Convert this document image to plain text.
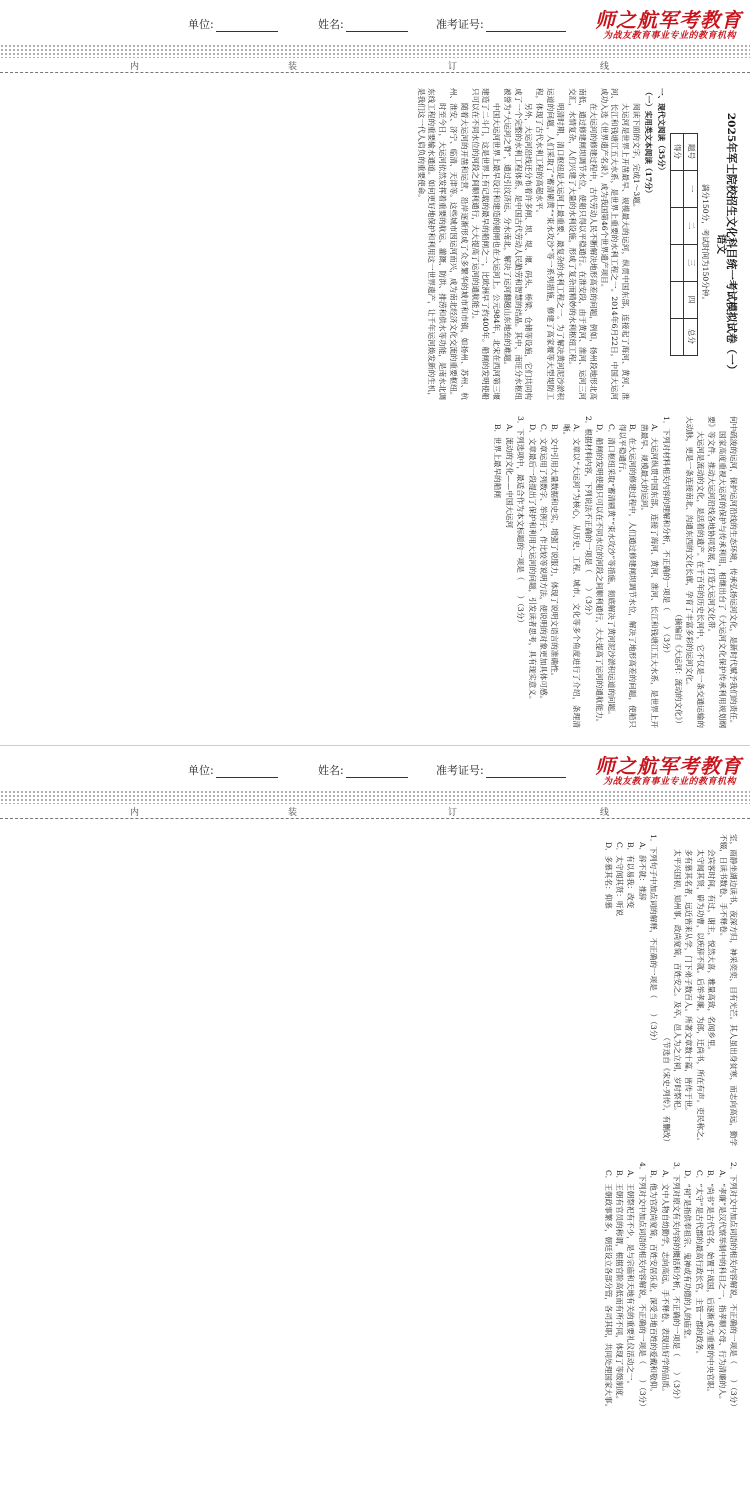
单位:	姓名:	准考证号:	师之航军考教育
为战友教育事业专业的教育机构
内	装	订	线
2025年军士院校招生文化科目统一考试模拟试卷（一）
语文
满分150分，考试时间为150分钟。
题号	一	二	三	四	总分
得分					
一、现代文阅读（35分）
（一）实用类文本阅读（17分）

阅读下面的文字，完成1～3题。

大运河是世界上开凿最早、规模最大的运河，纵贯中国东部，连接起了海河、黄河、淮河、长江和钱塘江五大水系，是世界上重要的水利工程之一。2014年6月22日，中国大运河成功入选《世界遗产名录》，成为我国第46个世界遗产项目。

在大运河的修建过程中，古代劳动人民不断解决地形高差的问题，例如，扬州段地形北高南低，通过修建闸坝调节水位，使船只得以平稳通行。在淮安段，由于黄河、淮河、运河三河交汇，水情复杂，人们兴建了大量的水利设施，形成了复杂而精妙的水利枢纽工程。

明清时期，清口枢纽是大运河上最重要、最复杂的水利工程之一。为了解决黄河泥沙淤积运道的问题，人们采取了“蓄清刷黄”“束水攻沙”等一系列措施，修建了高家堰等大型堤防工程，体现了古代水利工程的高超水平。

另外，大运河沿线还分布着许多闸、坝、堤、堰、码头、桥梁、仓储等设施，它们共同构成了一个完整的水利工程体系，是中国古代劳动人民勤劳和智慧的结晶。其中，南旺分水枢纽被誉为“大运河之脊”，通过引汶济运、分水南北，解决了运河翻越山东地垒的难题。

中国大运河世界上最早设计和建造的船闸也在大运河上。公元984年，北宋在西河第三堰建造了二斗门，这是世界上有记载的最早的船闸之一，比欧洲早了约400年。船闸的发明使船只可以在不同水位的河段之间顺利通行，大大提高了运河的通航能力。

随着大运河的开凿和运营，沿岸逐渐形成了众多繁华的城市和市镇，如扬州、苏州、杭州、淮安、济宁、临清、天津等。这些城市因运河而兴，成为南北经济文化交流的重要枢纽。

时至今日，大运河依然发挥着重要的航运、灌溉、防洪、排涝和供水等功能，是南水北调东线工程的重要输水通道。如何更好地保护和利用这一世界遗产，让千年运河焕发新的生机，是我们这一代人肩负的重要使命。

何中疏浚的运河，保护运河沿线的生态环境，传承弘扬运河文化，是新时代赋予我们的责任。

国家高度重视大运河的保护与传承利用，相继出台了《大运河文化保护传承利用规划纲要》等文件，推动大运河沿线各地协同发展，打造大运河文化带。

大运河是流动的文化，是活着的遗产。在千百年的历史长河中，它不仅是一条交通运输的大动脉，更是一条连接南北、沟通东西的文化长廊，孕育了丰富多彩的运河文化。

（摘编自《大运河：流动的文化》）

1．下列对材料相关内容的理解和分析，不正确的一项是（　　）（3分）

A．大运河纵贯中国东部，连接了海河、黄河、淮河、长江和钱塘江五大水系，是世界上开凿最早、规模最大的运河。

B．在大运河的修建过程中，人们通过修建闸坝调节水位，解决了地形高差的问题，使船只得以平稳通行。

C．清口枢纽采取“蓄清刷黄”“束水攻沙”等措施，彻底解决了黄河泥沙淤积运道的问题。

D．船闸的发明使船只可以在不同水位的河段之间顺利通行，大大提高了运河的通航能力。

2．根据材料内容，下列说法不正确的一项是（　　）（3分）

A．文章以“大运河”为核心，从历史、工程、城市、文化等多个角度进行了介绍，条理清晰。

B．文中引用大量数据和史实，增强了说服力，体现了说明文语言的准确性。

C．文章运用了列数字、举例子、作比较等说明方法，使说明的对象更加具体可感。

D．文章最后一段提出了保护和利用大运河的问题，引发读者思考，具有现实意义。

3．下列选项中，最适合作为本文标题的一项是（　　）（3分）

A．流动的文化——中国大运河

B．世界上最早的船闸

单位:	姓名:	准考证号:	师之航军考教育
为战友教育事业专业的教育机构
内	装	订	线

室，雨静坐湖边读书，夜深方归，神采奕奕，目有光芒。其人虽出身贫寒，而志向高远，勤学不辍，日读书数卷，手不释卷。

会宾客时间，有过，谢主，悦然大喜，雅量高致，名闻乡里。

太守闻其贤，辟为功曹，以疾辞不就。后举孝廉，为郎，迁尚书，所在有声。吏民称之。

多有慕其名者，远近皆来从学，门下弟子数百人。所著文章数十篇，皆传于世。

太平兴国初，知州事，政尚宽简，百姓安之。及卒，邑人为之立祠，岁时祭祀。

（节选自《宋史·列传》，有删改）

1．下列句子中加点词的解释，不正确的一项是（　　）（3分）

A．辞不就：推辞

B．有以易我：改变

C．太守闻其贤：听说

D．多慕其名：仰慕

2．下列对文中加点词语的相关内容解说，不正确的一项是（　　）（3分）

A．“孝廉”是汉代察举制中的科目之一，指孝顺父母、行为清廉的人。

B．“尚书”是古代官名，始置于战国，后逐渐成为重要的中央官职。

C．“太守”是古代郡的最高行政长官，主管一郡的政务。

D．“祠”是指供奉祖宗、鬼神或有功德的人的庙堂。

3．下列对原文有关内容的概括和分析，不正确的一项是（　　）（3分）

A．文中人物自幼勤学，志向高远，手不释卷，表现出好学的品质。

B．他为官政尚宽简，百姓安居乐业，深受当地百姓的爱戴和敬仰。

4．下列对文中加点词语的相关内容解说，不正确的一项是（　　）（3分）

A．王朝祭祀有不少，是与宗庙和天地有关的重要礼仪活动之一。

B．王朝有官员的称谓，根据官阶高低而有所不同，体现了等级制度。

C．王朝政事繁多，朝廷设立各部分管，各司其职，共同处理国家大事。
